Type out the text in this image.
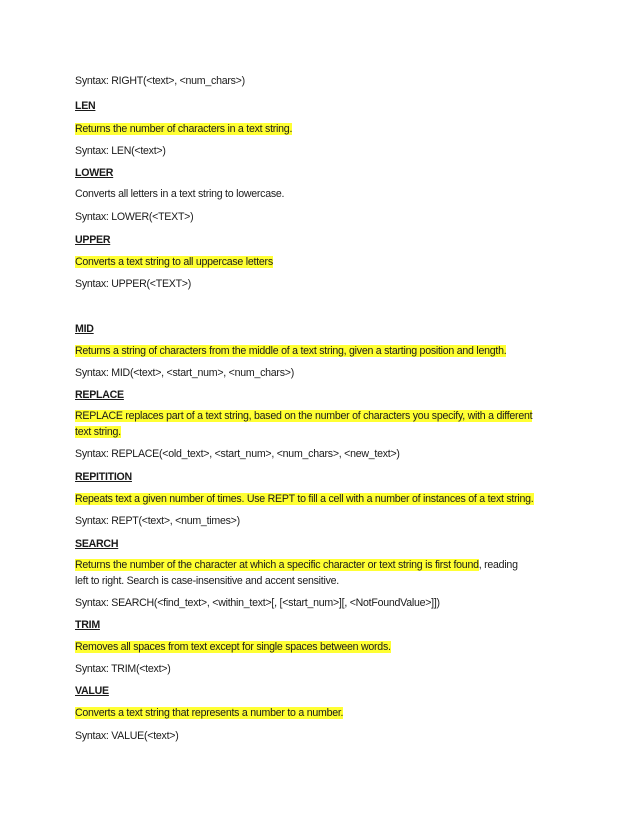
Syntax: RIGHT(<text>, <num_chars>)
LEN
Returns the number of characters in a text string.
Syntax: LEN(<text>)
LOWER
Converts all letters in a text string to lowercase.
Syntax: LOWER(<TEXT>)
UPPER
Converts a text string to all uppercase letters
Syntax: UPPER(<TEXT>)
MID
Returns a string of characters from the middle of a text string, given a starting position and length.
Syntax: MID(<text>, <start_num>, <num_chars>)
REPLACE
REPLACE replaces part of a text string, based on the number of characters you specify, with a different
text string.
Syntax: REPLACE(<old_text>, <start_num>, <num_chars>, <new_text>)
REPITITION
Repeats text a given number of times. Use REPT to fill a cell with a number of instances of a text string.
Syntax: REPT(<text>, <num_times>)
SEARCH
Returns the number of the character at which a specific character or text string is first found, reading
left to right. Search is case-insensitive and accent sensitive.
Syntax: SEARCH(<find_text>, <within_text>[, [<start_num>][, <NotFoundValue>]])
TRIM
Removes all spaces from text except for single spaces between words.
Syntax: TRIM(<text>)
VALUE
Converts a text string that represents a number to a number.
Syntax: VALUE(<text>)
